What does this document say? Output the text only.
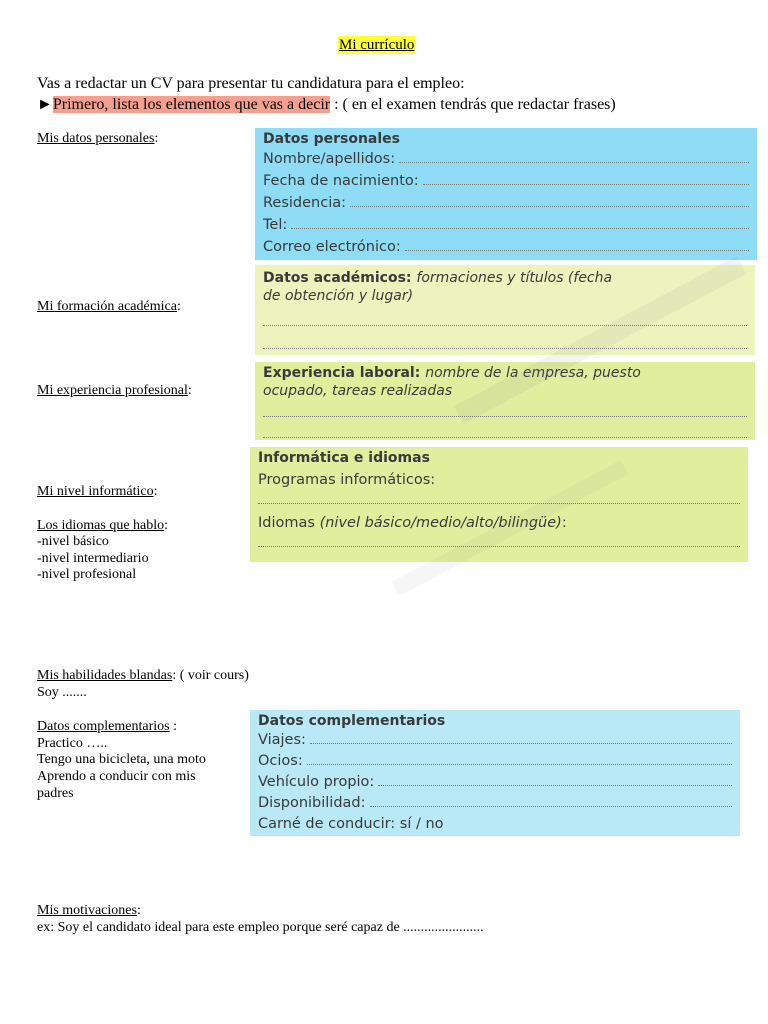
Mi currículo
Vas a redactar un CV para presentar tu candidatura para el empleo:
►Primero, lista los elementos que vas a decir : ( en el examen tendrás que redactar frases)
Mis datos personales:
Mi formación académica:
Mi experiencia profesional:
Mi nivel informático:
Los idiomas que hablo:
-nivel básico
-nivel intermediario
-nivel profesional
Mis habilidades blandas: ( voir cours)
Soy .......
Datos complementarios :
Practico …..
Tengo una bicicleta, una moto
Aprendo a conducir con mis
padres
Mis motivaciones:
ex: Soy el candidato ideal para este empleo porque seré capaz de .......................
Datos personales
Nombre/apellidos:
Fecha de nacimiento:
Residencia:
Tel:
Correo electrónico:
Datos académicos: formaciones y títulos (fecha
de obtención y lugar)
Experiencia laboral: nombre de la empresa, puesto
ocupado, tareas realizadas
Informática e idiomas
Programas informáticos:
Idiomas
(nivel básico/medio/alto/bilingüe) :
Datos complementarios
Viajes:
Ocios:
Vehículo propio:
Disponibilidad:
Carné de conducir: sí / no
